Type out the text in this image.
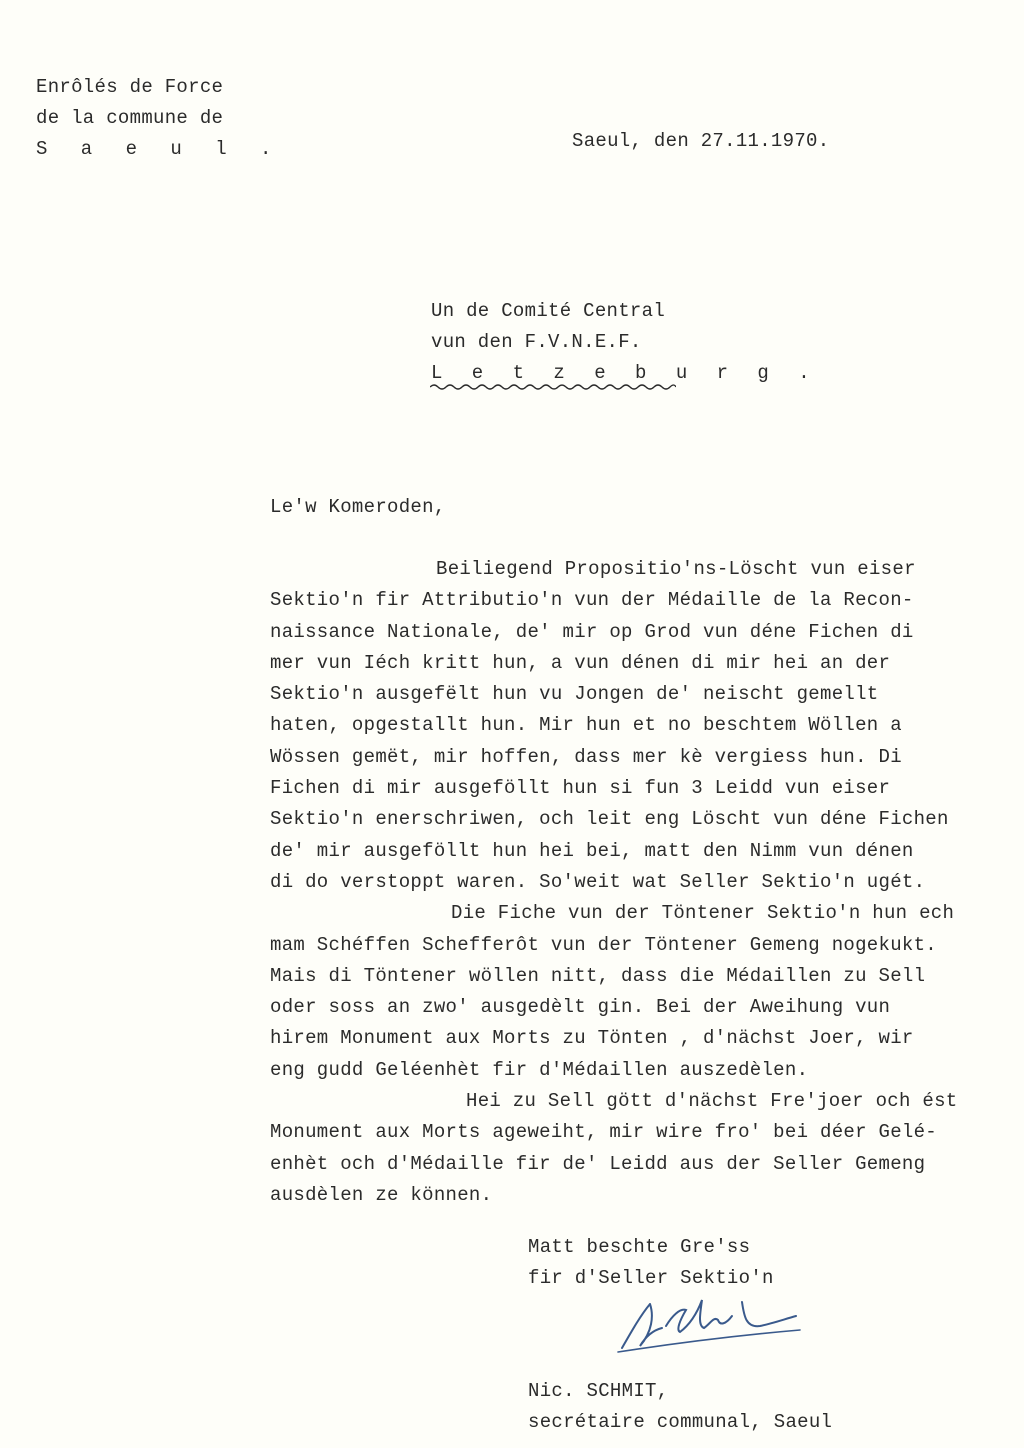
Enrôlés de Force
de la commune de
S a e u l .	Saeul, den 27.11.1970.
Un de Comité Central
vun den F.V.N.E.F.
L e t z e b u r g .
Le'w Komeroden,
Beiliegend Propositio'ns-Löscht vun eiser
Sektio'n fir Attributio'n vun der Médaille de la Recon-
naissance Nationale, de' mir op Grod vun déne Fichen di
mer vun Iéch kritt hun, a vun dénen di mir hei an der
Sektio'n ausgefëlt hun vu Jongen de' neischt gemellt
haten, opgestallt hun. Mir hun et no beschtem Wöllen a
Wössen gemët, mir hoffen, dass mer kè vergiess hun. Di
Fichen di mir ausgeföllt hun si fun 3 Leidd vun eiser
Sektio'n enerschriwen, och leit eng Löscht vun déne Fichen
de' mir ausgeföllt hun hei bei, matt den Nimm vun dénen
di do verstoppt waren. So'weit wat Seller Sektio'n ugét.
Die Fiche vun der Töntener Sektio'n hun ech
mam Schéffen Schefferôt vun der Töntener Gemeng nogekukt.
Mais di Töntener wöllen nitt, dass die Médaillen zu Sell
oder soss an zwo' ausgedèlt gin. Bei der Aweihung vun
hirem Monument aux Morts zu Tönten , d'nächst Joer, wir
eng gudd Geléenhèt fir d'Médaillen auszedèlen.
Hei zu Sell gött d'nächst Fre'joer och ést
Monument aux Morts ageweiht, mir wire fro' bei déer Gelé-
enhèt och d'Médaille fir de' Leidd aus der Seller Gemeng
ausdèlen ze können.
Matt beschte Gre'ss
fir d'Seller Sektio'n
Nic. SCHMIT,
secrétaire communal, Saeul
